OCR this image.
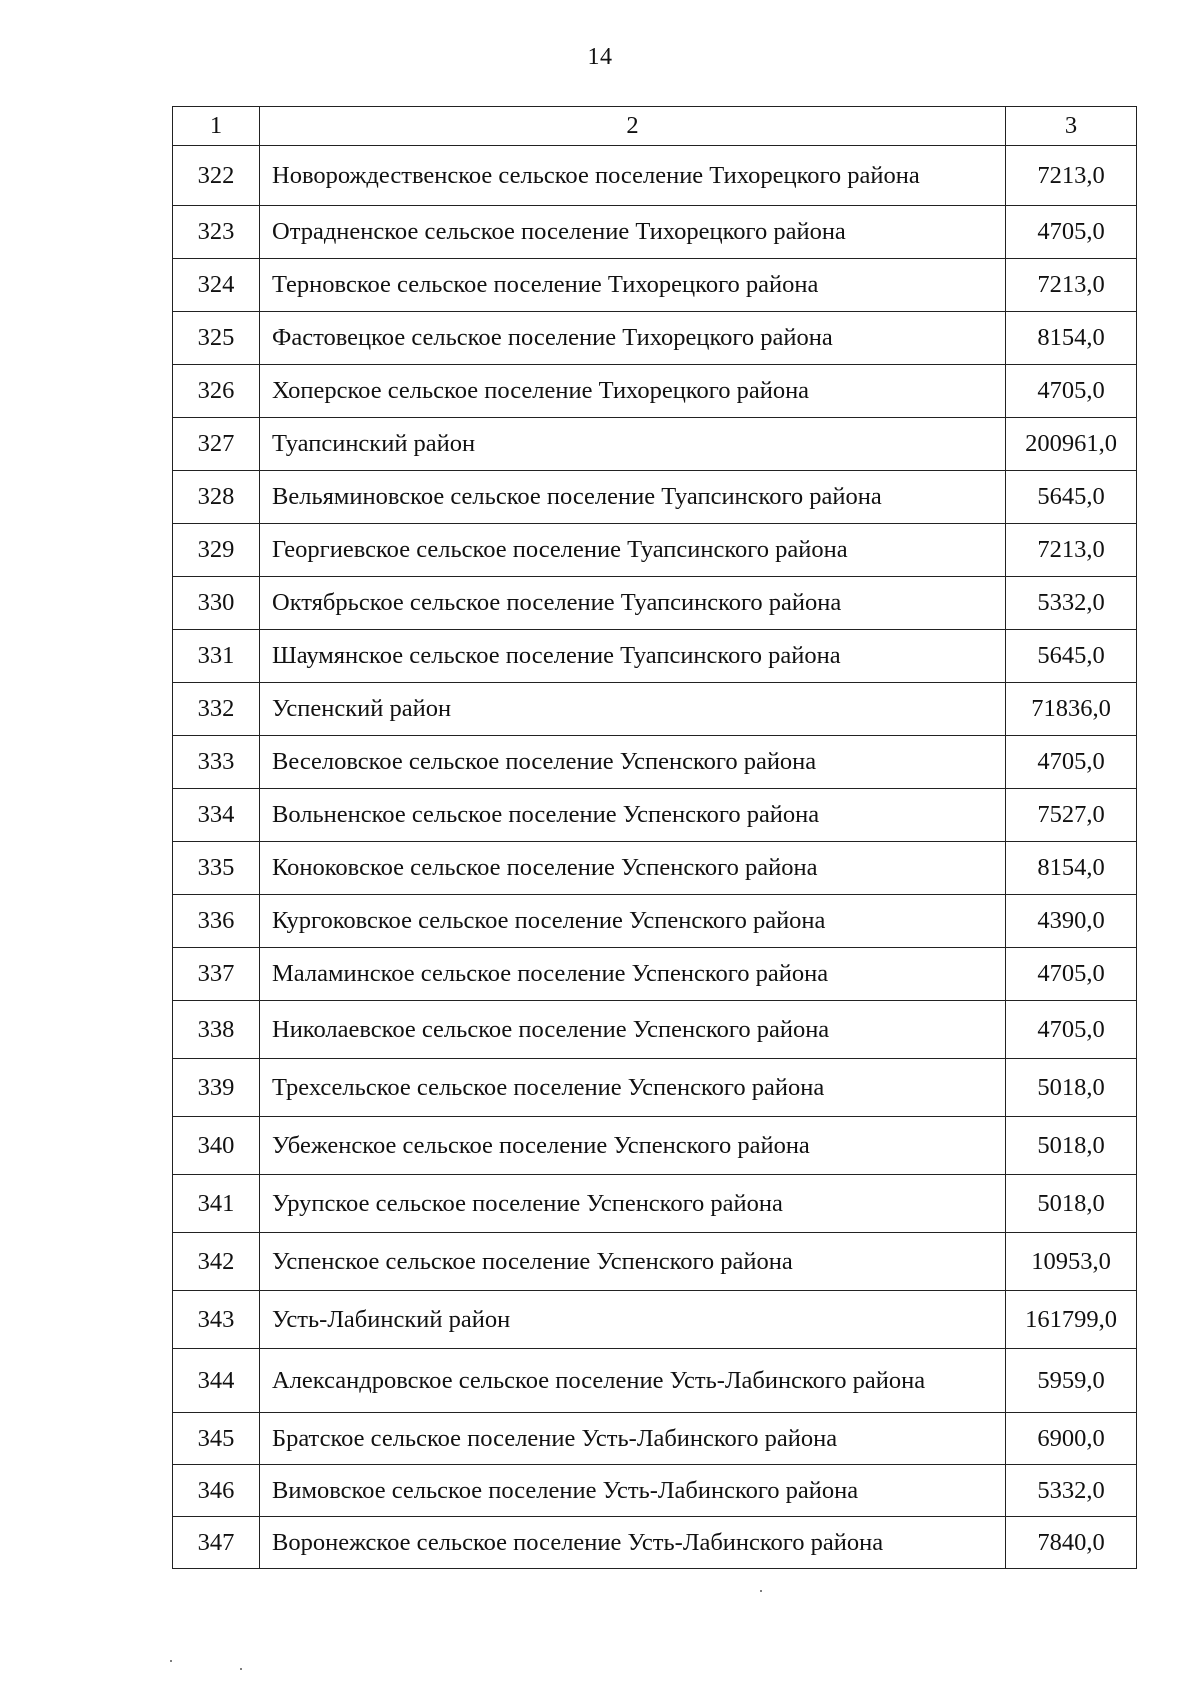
14
1	2	3
322	Новорождественское сельское поселение Тихорецкого района	7213,0
323	Отрадненское сельское поселение Тихорецкого района	4705,0
324	Терновское сельское поселение Тихорецкого района	7213,0
325	Фастовецкое сельское поселение Тихорецкого района	8154,0
326	Хоперское сельское поселение Тихорецкого района	4705,0
327	Туапсинский район	200961,0
328	Вельяминовское сельское поселение Туапсинского района	5645,0
329	Георгиевское сельское поселение Туапсинского района	7213,0
330	Октябрьское сельское поселение Туапсинского района	5332,0
331	Шаумянское сельское поселение Туапсинского района	5645,0
332	Успенский район	71836,0
333	Веселовское сельское поселение Успенского района	4705,0
334	Вольненское сельское поселение Успенского района	7527,0
335	Коноковское сельское поселение Успенского района	8154,0
336	Кургоковское сельское поселение Успенского района	4390,0
337	Маламинское сельское поселение Успенского района	4705,0
338	Николаевское сельское поселение Успенского района	4705,0
339	Трехсельское сельское поселение Успенского района	5018,0
340	Убеженское сельское поселение Успенского района	5018,0
341	Урупское сельское поселение Успенского района	5018,0
342	Успенское сельское поселение Успенского района	10953,0
343	Усть-Лабинский район	161799,0
344	Александровское сельское поселение Усть-Лабинского района	5959,0
345	Братское сельское поселение Усть-Лабинского района	6900,0
346	Вимовское сельское поселение Усть-Лабинского района	5332,0
347	Воронежское сельское поселение Усть-Лабинского района	7840,0
